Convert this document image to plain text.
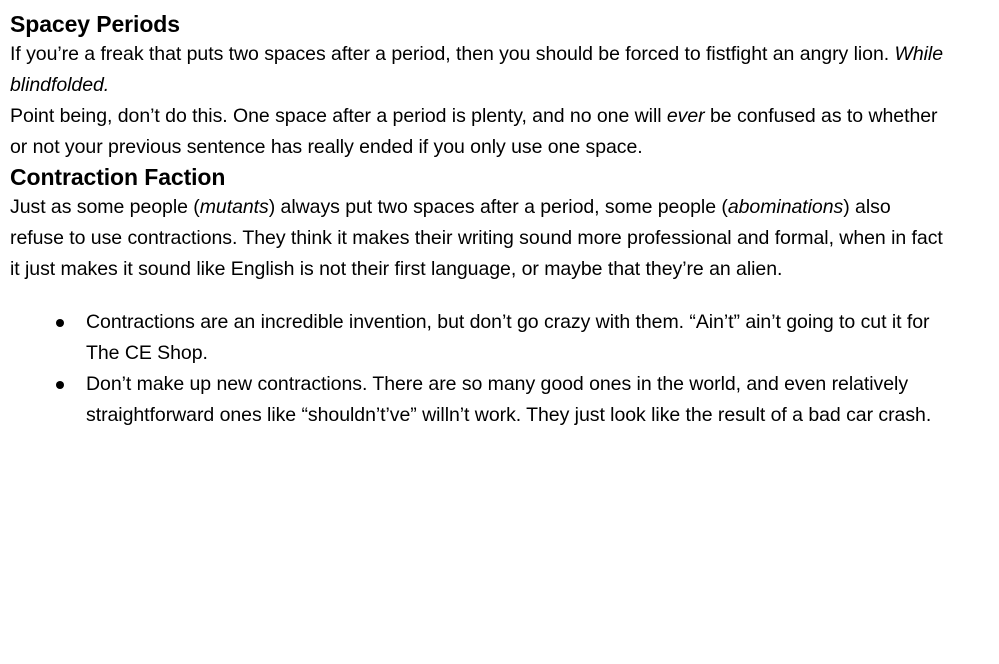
Spacey Periods

If you’re a freak that puts two spaces after a period, then you should be forced to fistfight an angry lion. While blindfolded.

Point being, don’t do this. One space after a period is plenty, and no one will ever be confused as to whether or not your previous sentence has really ended if you only use one space.

Contraction Faction

Just as some people (mutants) always put two spaces after a period, some people (abominations) also refuse to use contractions. They think it makes their writing sound more professional and formal, when in fact it just makes it sound like English is not their first language, or maybe that they’re an alien.

Contractions are an incredible invention, but don’t go crazy with them. “Ain’t” ain’t going to cut it for The CE Shop.
Don’t make up new contractions. There are so many good ones in the world, and even relatively straightforward ones like “shouldn’t’ve” willn’t work. They just look like the result of a bad car crash.
